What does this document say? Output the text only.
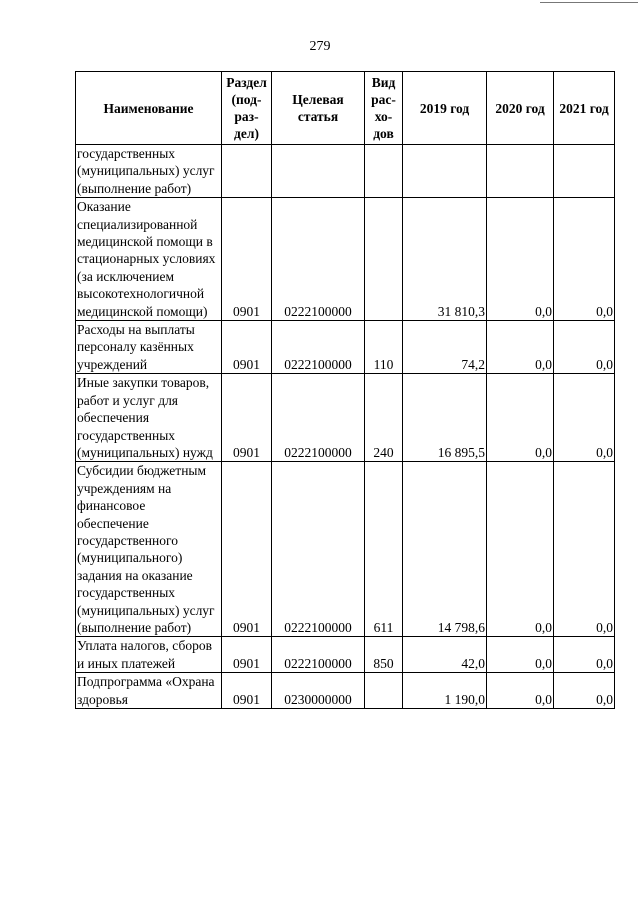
279
Наименование	Раздел (под-раз-дел)	Целевая статья	Вид рас-хо-дов	2019 год	2020 год	2021 год
государственных (муниципальных) услуг (выполнение работ)						
Оказание специализированной медицинской помощи в стационарных условиях (за исключением высокотехнологичной медицинской помощи)	0901	0222100000		31 810,3	0,0	0,0
Расходы на выплаты персоналу казённых учреждений	0901	0222100000	110	74,2	0,0	0,0
Иные закупки товаров, работ и услуг для обеспечения государственных (муниципальных) нужд	0901	0222100000	240	16 895,5	0,0	0,0
Субсидии бюджетным учреждениям на финансовое обеспечение государственного (муниципального) задания на оказание государственных (муниципальных) услуг (выполнение работ)	0901	0222100000	611	14 798,6	0,0	0,0
Уплата налогов, сборов и иных платежей	0901	0222100000	850	42,0	0,0	0,0
Подпрограмма «Охрана здоровья	0901	0230000000		1 190,0	0,0	0,0
